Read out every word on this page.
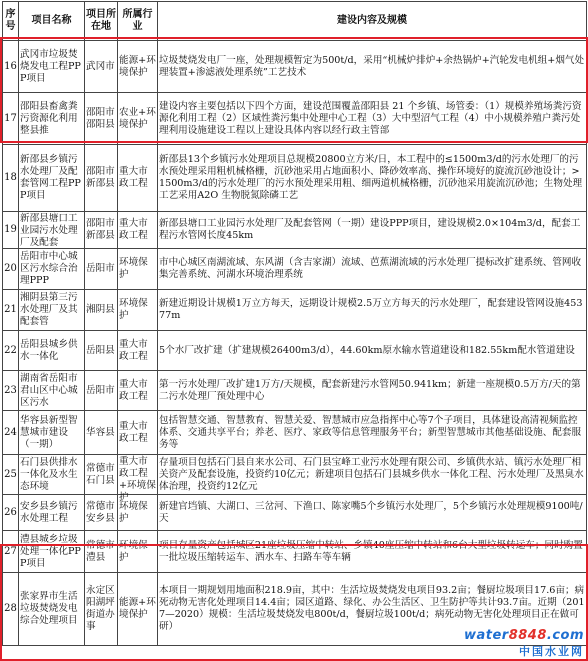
序号	项目名称	项目所在地	所属行业	建设内容及规模

16	武冈市垃圾焚烧发电工程PPP项目	武冈市	能源+环境保护	垃圾焚烧发电厂一座，处理规模暂定为500t/d，采用“机械炉排炉+余热锅炉+汽轮发电机组+烟气处理装置+渗滤液处理系统”工艺技术

17	邵阳县畜禽粪污资源化利用整县推	邵阳市邵阳县	农业+环境保护	建设内容主要包括以下四个方面，建设范围覆盖邵阳县 21 个乡镇、场管委：（1）规模养殖场粪污资源化利用工程（2）区域性粪污集中处理中心工程（3）大中型沼气工程（4）中小规模养殖户粪污处理利用设施建设工程以上建设具体内容以经行政主管部

18	新邵县乡镇污水处理厂及配套管网工程PPP项目	邵阳市新邵县	重大市政工程	新邵县13个乡镇污水处理项目总规模20800立方米/日，本工程中的≤1500m3/d的污水处理厂的污水预处理采用粗机械格栅，沉砂池采用占地面积小、降砂效率高、操作环境好的旋流沉砂池设计；>1500m3/d的污水处理厂的污水预处理采用粗、细两道机械格栅，沉砂池采用旋流沉砂池；生物处理工艺采用A2O 生物脱氮除磷工艺

19	新邵县塘口工业园污水处理厂及配套	邵阳市新邵县	重大市政工程	新邵县塘口工业园污水处理厂及配套管网（一期）建设PPP项目，建设规模2.0×104m3/d，配套工程污水管网长度45km

20	岳阳市中心城区污水综合治理PPP	岳阳市	环境保护	市中心城区南湖流域、东风湖（含吉家湖）流域、芭蕉湖流域的污水处理厂提标改扩建系统、管网收集完善系统、河湖水环境治理系统

21	湘阴县第三污水处理厂及其配套管	湘阴县	环境保护	新建近期设计规模1万立方每天，远期设计规模2.5万立方每天的污水处理厂，配套建设管网设施45377m

22	岳阳县城乡供水一体化	岳阳县	重大市政工程	5个水厂改扩建（扩建规模26400m3/d），44.60km原水输水管道建设和182.55km配水管道建设

23	湖南省岳阳市君山区中心城区污水	岳阳市	重大市政工程	第一污水处理厂改扩建1万方/天规模，配套新建污水管网50.941km；新建一座规模0.5万方/天的第二污水处理厂预处理中心

24	华容县新型智慧城市建设（一期）	华容县	重大市政工程	包括智慧交通、智慧教育、智慧关爱、智慧城市应急指挥中心等7个子项目，具体建设高清视频监控体系、交通共享平台；养老、医疗、家政等信息管理服务平台；新型智慧城市其他基础设施、配套服务等

25	石门县供排水一体化及水生态环境	常德市石门县	重大市政工程+环境保护	存量项目包括石门县自来水公司、石门县宝峰工业污水处理有限公司、乡镇供水站、镇污水处理厂相关资产及配套设施，投资约10亿元；新建项目包括石门县城乡供水一体化工程、污水处理厂及黑臭水体治理，投资约12亿元

26	安乡县乡镇污水处理工程	常德市安乡县	环境保护	新建官垱镇、大湖口、三岔河、下渔口、陈家嘴5个乡镇污水处理厂，5个乡镇污水处理规模9100吨/天

27	澧县城乡垃圾处理一体化PPP项目	常德市澧县	环境保护	项目存量资产包括城区21座垃圾压缩中转站、乡镇40座压缩中转站和6台大型垃圾转运车；同时购置一批垃圾压缩转运车、洒水车、扫路车等车辆

28	张家界市生活垃圾焚烧发电综合处理项目	永定区阳湖坪街道办事	能源+环境保护	本项目一期规划用地面积218.9亩，其中：生活垃圾焚烧发电项目93.2亩；餐厨垃圾项目17.6亩；病死动物无害化处理项目14.4亩；园区道路、绿化、办公生活区、卫生防护等共计93.7亩。近期（2017—2020）规模：生活垃圾焚烧发电800t/d，餐厨垃圾100t/d；病死动物无害化处理项目正在做可研）
water8848.com
中国水业网
